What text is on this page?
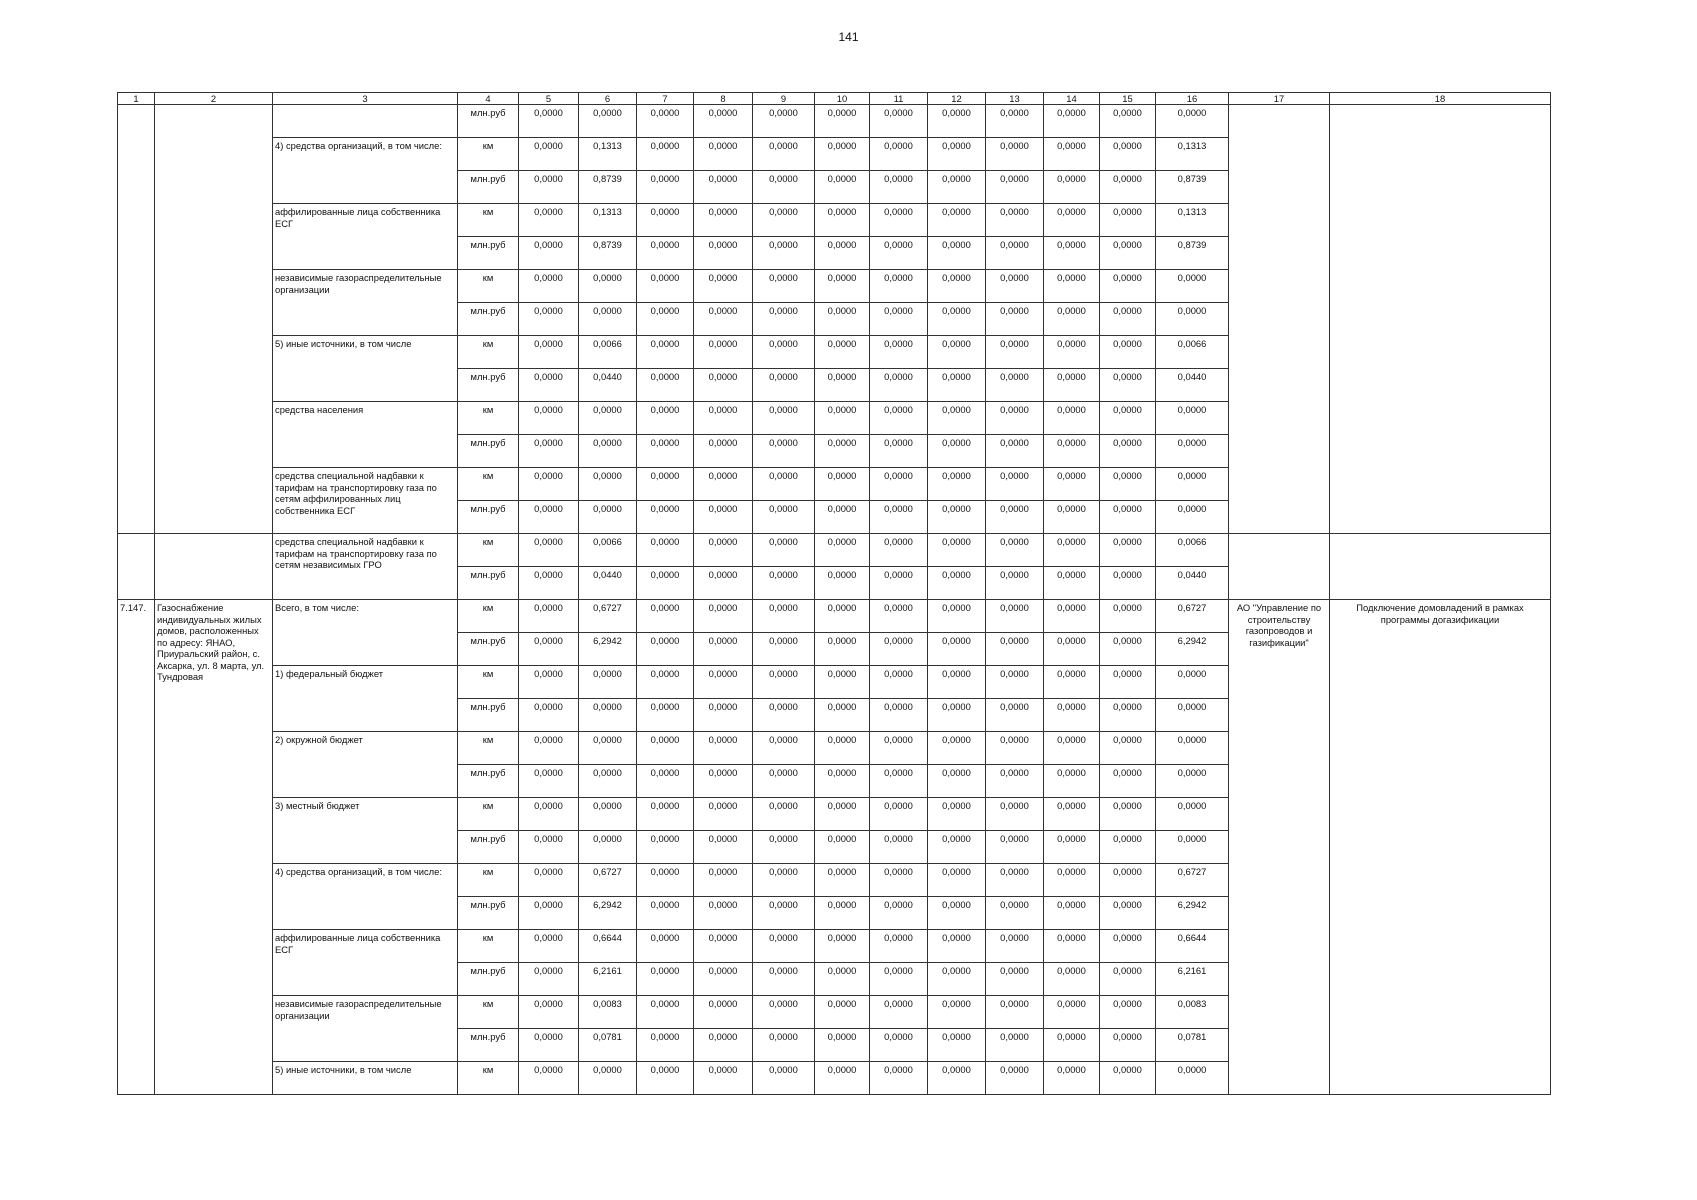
141
1	2	3	4	5	6	7	8	9	10	11	12	13	14	15	16	17	18
			млн.руб	0,0000	0,0000	0,0000	0,0000	0,0000	0,0000	0,0000	0,0000	0,0000	0,0000	0,0000	0,0000		
		4) средства организаций, в том числе:	км	0,0000	0,1313	0,0000	0,0000	0,0000	0,0000	0,0000	0,0000	0,0000	0,0000	0,0000	0,1313		
			млн.руб	0,0000	0,8739	0,0000	0,0000	0,0000	0,0000	0,0000	0,0000	0,0000	0,0000	0,0000	0,8739		
		аффилированные лица собственника ЕСГ	км	0,0000	0,1313	0,0000	0,0000	0,0000	0,0000	0,0000	0,0000	0,0000	0,0000	0,0000	0,1313		
			млн.руб	0,0000	0,8739	0,0000	0,0000	0,0000	0,0000	0,0000	0,0000	0,0000	0,0000	0,0000	0,8739		
		независимые газораспределительные организации	км	0,0000	0,0000	0,0000	0,0000	0,0000	0,0000	0,0000	0,0000	0,0000	0,0000	0,0000	0,0000		
			млн.руб	0,0000	0,0000	0,0000	0,0000	0,0000	0,0000	0,0000	0,0000	0,0000	0,0000	0,0000	0,0000		
		5) иные источники, в том числе	км	0,0000	0,0066	0,0000	0,0000	0,0000	0,0000	0,0000	0,0000	0,0000	0,0000	0,0000	0,0066		
			млн.руб	0,0000	0,0440	0,0000	0,0000	0,0000	0,0000	0,0000	0,0000	0,0000	0,0000	0,0000	0,0440		
		средства населения	км	0,0000	0,0000	0,0000	0,0000	0,0000	0,0000	0,0000	0,0000	0,0000	0,0000	0,0000	0,0000		
			млн.руб	0,0000	0,0000	0,0000	0,0000	0,0000	0,0000	0,0000	0,0000	0,0000	0,0000	0,0000	0,0000		
		средства специальной надбавки к тарифам на транспортировку газа по сетям аффилированных лиц собственника ЕСГ	км	0,0000	0,0000	0,0000	0,0000	0,0000	0,0000	0,0000	0,0000	0,0000	0,0000	0,0000	0,0000		
			млн.руб	0,0000	0,0000	0,0000	0,0000	0,0000	0,0000	0,0000	0,0000	0,0000	0,0000	0,0000	0,0000		
		средства специальной надбавки к тарифам на транспортировку газа по сетям независимых ГРО	км	0,0000	0,0066	0,0000	0,0000	0,0000	0,0000	0,0000	0,0000	0,0000	0,0000	0,0000	0,0066		
			млн.руб	0,0000	0,0440	0,0000	0,0000	0,0000	0,0000	0,0000	0,0000	0,0000	0,0000	0,0000	0,0440		
7.147.	Газоснабжение индивидуальных жилых домов, расположенных по адресу: ЯНАО, Приуральский район, с. Аксарка, ул. 8 марта, ул. Тундровая	Всего, в том числе:	км	0,0000	0,6727	0,0000	0,0000	0,0000	0,0000	0,0000	0,0000	0,0000	0,0000	0,0000	0,6727	АО "Управление по строительству газопроводов и газификации"	Подключение домовладений в рамках программы догазификации
			млн.руб	0,0000	6,2942	0,0000	0,0000	0,0000	0,0000	0,0000	0,0000	0,0000	0,0000	0,0000	6,2942		
		1) федеральный бюджет	км	0,0000	0,0000	0,0000	0,0000	0,0000	0,0000	0,0000	0,0000	0,0000	0,0000	0,0000	0,0000		
			млн.руб	0,0000	0,0000	0,0000	0,0000	0,0000	0,0000	0,0000	0,0000	0,0000	0,0000	0,0000	0,0000		
		2) окружной бюджет	км	0,0000	0,0000	0,0000	0,0000	0,0000	0,0000	0,0000	0,0000	0,0000	0,0000	0,0000	0,0000		
			млн.руб	0,0000	0,0000	0,0000	0,0000	0,0000	0,0000	0,0000	0,0000	0,0000	0,0000	0,0000	0,0000		
		3) местный бюджет	км	0,0000	0,0000	0,0000	0,0000	0,0000	0,0000	0,0000	0,0000	0,0000	0,0000	0,0000	0,0000		
			млн.руб	0,0000	0,0000	0,0000	0,0000	0,0000	0,0000	0,0000	0,0000	0,0000	0,0000	0,0000	0,0000		
		4) средства организаций, в том числе:	км	0,0000	0,6727	0,0000	0,0000	0,0000	0,0000	0,0000	0,0000	0,0000	0,0000	0,0000	0,6727		
			млн.руб	0,0000	6,2942	0,0000	0,0000	0,0000	0,0000	0,0000	0,0000	0,0000	0,0000	0,0000	6,2942		
		аффилированные лица собственника ЕСГ	км	0,0000	0,6644	0,0000	0,0000	0,0000	0,0000	0,0000	0,0000	0,0000	0,0000	0,0000	0,6644		
			млн.руб	0,0000	6,2161	0,0000	0,0000	0,0000	0,0000	0,0000	0,0000	0,0000	0,0000	0,0000	6,2161		
		независимые газораспределительные организации	км	0,0000	0,0083	0,0000	0,0000	0,0000	0,0000	0,0000	0,0000	0,0000	0,0000	0,0000	0,0083		
			млн.руб	0,0000	0,0781	0,0000	0,0000	0,0000	0,0000	0,0000	0,0000	0,0000	0,0000	0,0000	0,0781		
		5) иные источники, в том числе	км	0,0000	0,0000	0,0000	0,0000	0,0000	0,0000	0,0000	0,0000	0,0000	0,0000	0,0000	0,0000		
